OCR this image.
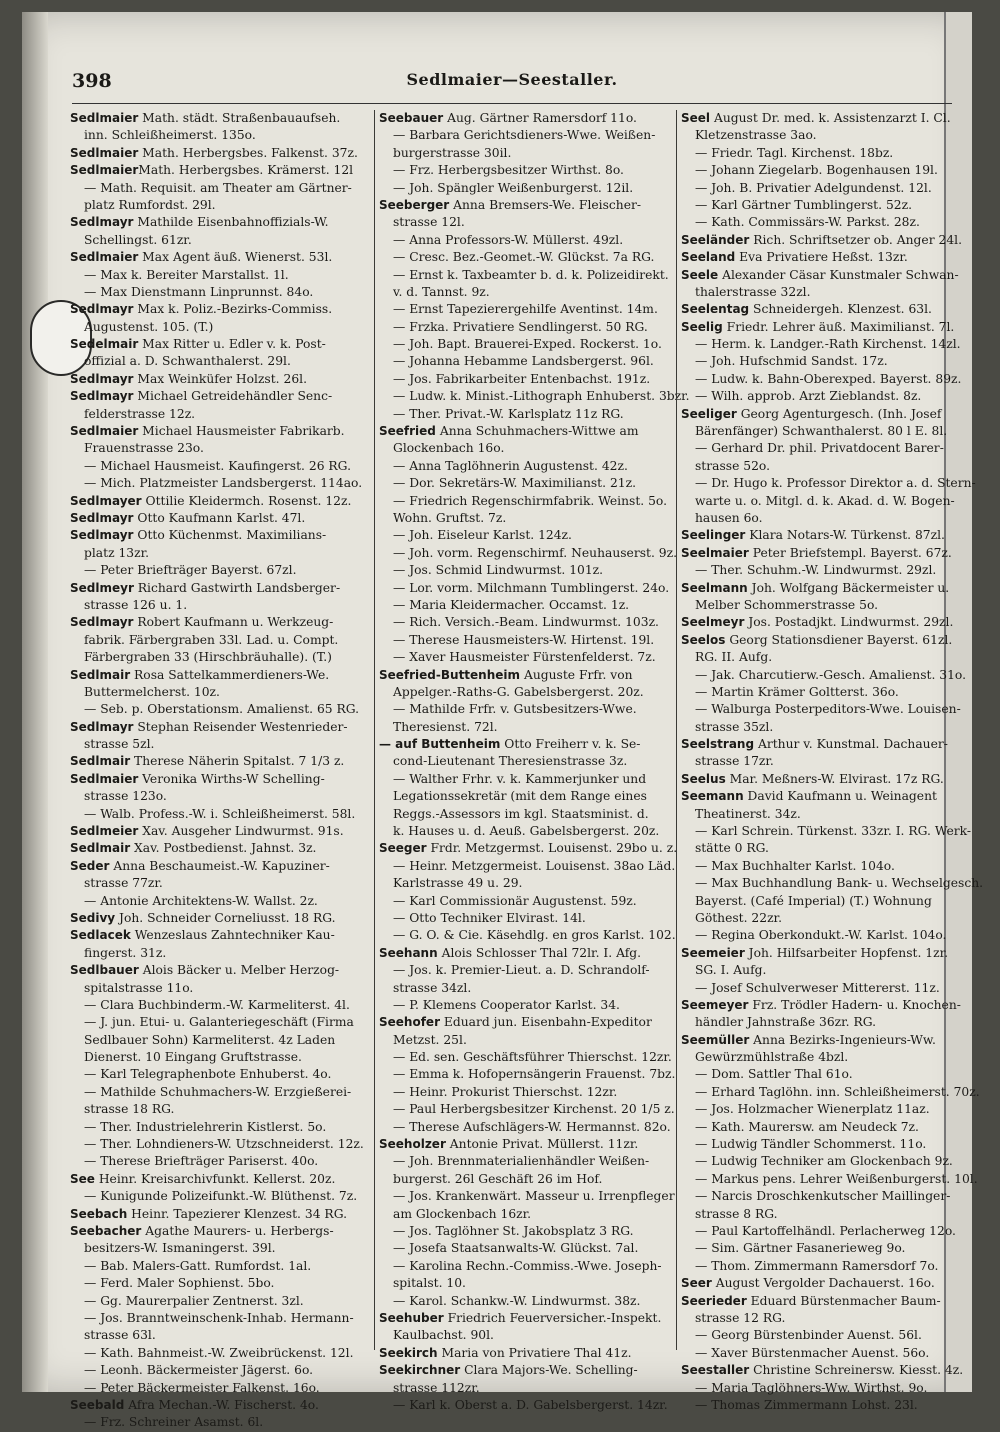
Sedlmaier—Seestaller.
398
Sedlmaier Math. städt. Straßenbauaufseh.
inn. Schleißheimerst. 135o.
Sedlmaier Math. Herbergsbes. Falkenst. 37z.
SedlmaierMath. Herbergsbes. Krämerst. 12l
— Math. Requisit. am Theater am Gärtner-
platz Rumfordst. 29l.
Sedlmayr Mathilde Eisenbahnoffizials-W.
Schellingst. 61zr.
Sedlmaier Max Agent äuß. Wienerst. 53l.
— Max k. Bereiter Marstallst. 1l.
— Max Dienstmann Linprunnst. 84o.
Sedlmayr Max k. Poliz.-Bezirks-Commiss.
Augustenst. 105. (T.)
Sedelmair Max Ritter u. Edler v. k. Post-
offizial a. D. Schwanthalerst. 29l.
Sedlmayr Max Weinküfer Holzst. 26l.
Sedlmayr Michael Getreidehändler Senc-
felderstrasse 12z.
Sedlmaier Michael Hausmeister Fabrikarb.
Frauenstrasse 23o.
— Michael Hausmeist. Kaufingerst. 26 RG.
— Mich. Platzmeister Landsbergerst. 114ao.
Sedlmayer Ottilie Kleidermch. Rosenst. 12z.
Sedlmayr Otto Kaufmann Karlst. 47l.
Sedlmayr Otto Küchenmst. Maximilians-
platz 13zr.
— Peter Briefträger Bayerst. 67zl.
Sedlmeyr Richard Gastwirth Landsberger-
strasse 126 u. 1.
Sedlmayr Robert Kaufmann u. Werkzeug-
fabrik. Färbergraben 33l. Lad. u. Compt.
Färbergraben 33 (Hirschbräuhalle). (T.)
Sedlmair Rosa Sattelkammerdieners-We.
Buttermelcherst. 10z.
— Seb. p. Oberstationsm. Amalienst. 65 RG.
Sedlmayr Stephan Reisender Westenrieder-
strasse 5zl.
Sedlmair Therese Näherin Spitalst. 7 1/3 z.
Sedlmaier Veronika Wirths-W Schelling-
strasse 123o.
— Walb. Profess.-W. i. Schleißheimerst. 58l.
Sedlmeier Xav. Ausgeher Lindwurmst. 91s.
Sedlmair Xav. Postbedienst. Jahnst. 3z.
Seder Anna Beschaumeist.-W. Kapuziner-
strasse 77zr.
— Antonie Architektens-W. Wallst. 2z.
Sedivy Joh. Schneider Corneliusst. 18 RG.
Sedlacek Wenzeslaus Zahntechniker Kau-
fingerst. 31z.
Sedlbauer Alois Bäcker u. Melber Herzog-
spitalstrasse 11o.
— Clara Buchbinderm.-W. Karmeliterst. 4l.
— J. jun. Etui- u. Galanteriegeschäft (Firma
Sedlbauer Sohn) Karmeliterst. 4z Laden
Dienerst. 10 Eingang Gruftstrasse.
— Karl Telegraphenbote Enhuberst. 4o.
— Mathilde Schuhmachers-W. Erzgießerei-
strasse 18 RG.
— Ther. Industrielehrerin Kistlerst. 5o.
— Ther. Lohndieners-W. Utzschneiderst. 12z.
— Therese Briefträger Pariserst. 40o.
See Heinr. Kreisarchivfunkt. Kellerst. 20z.
— Kunigunde Polizeifunkt.-W. Blüthenst. 7z.
Seebach Heinr. Tapezierer Klenzest. 34 RG.
Seebacher Agathe Maurers- u. Herbergs-
besitzers-W. Ismaningerst. 39l.
— Bab. Malers-Gatt. Rumfordst. 1al.
— Ferd. Maler Sophienst. 5bo.
— Gg. Maurerpalier Zentnerst. 3zl.
— Jos. Branntweinschenk-Inhab. Hermann-
strasse 63l.
— Kath. Bahnmeist.-W. Zweibrückenst. 12l.
— Leonh. Bäckermeister Jägerst. 6o.
— Peter Bäckermeister Falkenst. 16o.
Seebald Afra Mechan.-W. Fischerst. 4o.
— Frz. Schreiner Asamst. 6l.
Seebauer Aug. Gärtner Ramersdorf 11o.
— Barbara Gerichtsdieners-Wwe. Weißen-
burgerstrasse 30il.
— Frz. Herbergsbesitzer Wirthst. 8o.
— Joh. Spängler Weißenburgerst. 12il.
Seeberger Anna Bremsers-We. Fleischer-
strasse 12l.
— Anna Professors-W. Müllerst. 49zl.
— Cresc. Bez.-Geomet.-W. Glückst. 7a RG.
— Ernst k. Taxbeamter b. d. k. Polizeidirekt.
v. d. Tannst. 9z.
— Ernst Tapezierergehilfe Aventinst. 14m.
— Frzka. Privatiere Sendlingerst. 50 RG.
— Joh. Bapt. Brauerei-Exped. Rockerst. 1o.
— Johanna Hebamme Landsbergerst. 96l.
— Jos. Fabrikarbeiter Entenbachst. 191z.
— Ludw. k. Minist.-Lithograph Enhuberst. 3bzr.
— Ther. Privat.-W. Karlsplatz 11z RG.
Seefried Anna Schuhmachers-Wittwe am
Glockenbach 16o.
— Anna Taglöhnerin Augustenst. 42z.
— Dor. Sekretärs-W. Maximilianst. 21z.
— Friedrich Regenschirmfabrik. Weinst. 5o.
Wohn. Gruftst. 7z.
— Joh. Eiseleur Karlst. 124z.
— Joh. vorm. Regenschirmf. Neuhauserst. 9z.
— Jos. Schmid Lindwurmst. 101z.
— Lor. vorm. Milchmann Tumblingerst. 24o.
— Maria Kleidermacher. Occamst. 1z.
— Rich. Versich.-Beam. Lindwurmst. 103z.
— Therese Hausmeisters-W. Hirtenst. 19l.
— Xaver Hausmeister Fürstenfelderst. 7z.
Seefried-Buttenheim Auguste Frfr. von
Appelger.-Raths-G. Gabelsbergerst. 20z.
— Mathilde Frfr. v. Gutsbesitzers-Wwe.
Theresienst. 72l.
— auf Buttenheim Otto Freiherr v. k. Se-
cond-Lieutenant Theresienstrasse 3z.
— Walther Frhr. v. k. Kammerjunker und
Legationssekretär (mit dem Range eines
Reggs.-Assessors im kgl. Staatsminist. d.
k. Hauses u. d. Aeuß. Gabelsbergerst. 20z.
Seeger Frdr. Metzgermst. Louisenst. 29bo u. z.
— Heinr. Metzgermeist. Louisenst. 38ao Läd.
Karlstrasse 49 u. 29.
— Karl Commissionär Augustenst. 59z.
— Otto Techniker Elvirast. 14l.
— G. O. & Cie. Käsehdlg. en gros Karlst. 102.
Seehann Alois Schlosser Thal 72lr. I. Afg.
— Jos. k. Premier-Lieut. a. D. Schrandolf-
strasse 34zl.
— P. Klemens Cooperator Karlst. 34.
Seehofer Eduard jun. Eisenbahn-Expeditor
Metzst. 25l.
— Ed. sen. Geschäftsführer Thierschst. 12zr.
— Emma k. Hofopernsängerin Frauenst. 7bz.
— Heinr. Prokurist Thierschst. 12zr.
— Paul Herbergsbesitzer Kirchenst. 20 1/5 z.
— Therese Aufschlägers-W. Hermannst. 82o.
Seeholzer Antonie Privat. Müllerst. 11zr.
— Joh. Brennmaterialienhändler Weißen-
burgerst. 26l Geschäft 26 im Hof.
— Jos. Krankenwärt. Masseur u. Irrenpfleger
am Glockenbach 16zr.
— Jos. Taglöhner St. Jakobsplatz 3 RG.
— Josefa Staatsanwalts-W. Glückst. 7al.
— Karolina Rechn.-Commiss.-Wwe. Joseph-
spitalst. 10.
— Karol. Schankw.-W. Lindwurmst. 38z.
Seehuber Friedrich Feuerversicher.-Inspekt.
Kaulbachst. 90l.
Seekirch Maria von Privatiere Thal 41z.
Seekirchner Clara Majors-We. Schelling-
strasse 112zr.
— Karl k. Oberst a. D. Gabelsbergerst. 14zr.
Seel August Dr. med. k. Assistenzarzt I. Cl.
Kletzenstrasse 3ao.
— Friedr. Tagl. Kirchenst. 18bz.
— Johann Ziegelarb. Bogenhausen 19l.
— Joh. B. Privatier Adelgundenst. 12l.
— Karl Gärtner Tumblingerst. 52z.
— Kath. Commissärs-W. Parkst. 28z.
Seeländer Rich. Schriftsetzer ob. Anger 24l.
Seeland Eva Privatiere Heßst. 13zr.
Seele Alexander Cäsar Kunstmaler Schwan-
thalerstrasse 32zl.
Seelentag Schneidergeh. Klenzest. 63l.
Seelig Friedr. Lehrer äuß. Maximilianst. 7l.
— Herm. k. Landger.-Rath Kirchenst. 14zl.
— Joh. Hufschmid Sandst. 17z.
— Ludw. k. Bahn-Oberexped. Bayerst. 89z.
— Wilh. approb. Arzt Zieblandst. 8z.
Seeliger Georg Agenturgesch. (Inh. Josef
Bärenfänger) Schwanthalerst. 80 l E. 8l.
— Gerhard Dr. phil. Privatdocent Barer-
strasse 52o.
— Dr. Hugo k. Professor Direktor a. d. Stern-
warte u. o. Mitgl. d. k. Akad. d. W. Bogen-
hausen 6o.
Seelinger Klara Notars-W. Türkenst. 87zl.
Seelmaier Peter Briefstempl. Bayerst. 67z.
— Ther. Schuhm.-W. Lindwurmst. 29zl.
Seelmann Joh. Wolfgang Bäckermeister u.
Melber Schommerstrasse 5o.
Seelmeyr Jos. Postadjkt. Lindwurmst. 29zl.
Seelos Georg Stationsdiener Bayerst. 61zl.
RG. II. Aufg.
— Jak. Charcutierw.-Gesch. Amalienst. 31o.
— Martin Krämer Goltterst. 36o.
— Walburga Posterpeditors-Wwe. Louisen-
strasse 35zl.
Seelstrang Arthur v. Kunstmal. Dachauer-
strasse 17zr.
Seelus Mar. Meßners-W. Elvirast. 17z RG.
Seemann David Kaufmann u. Weinagent
Theatinerst. 34z.
— Karl Schrein. Türkenst. 33zr. I. RG. Werk-
stätte 0 RG.
— Max Buchhalter Karlst. 104o.
— Max Buchhandlung Bank- u. Wechselgesch.
Bayerst. (Café Imperial) (T.) Wohnung
Göthest. 22zr.
— Regina Oberkondukt.-W. Karlst. 104o.
Seemeier Joh. Hilfsarbeiter Hopfenst. 1zr.
SG. I. Aufg.
— Josef Schulverweser Mittererst. 11z.
Seemeyer Frz. Trödler Hadern- u. Knochen-
händler Jahnstraße 36zr. RG.
Seemüller Anna Bezirks-Ingenieurs-Ww.
Gewürzmühlstraße 4bzl.
— Dom. Sattler Thal 61o.
— Erhard Taglöhn. inn. Schleißheimerst. 70z.
— Jos. Holzmacher Wienerplatz 11az.
— Kath. Maurersw. am Neudeck 7z.
— Ludwig Tändler Schommerst. 11o.
— Ludwig Techniker am Glockenbach 9z.
— Markus pens. Lehrer Weißenburgerst. 10l.
— Narcis Droschkenkutscher Maillinger-
strasse 8 RG.
— Paul Kartoffelhändl. Perlacherweg 12o.
— Sim. Gärtner Fasanerieweg 9o.
— Thom. Zimmermann Ramersdorf 7o.
Seer August Vergolder Dachauerst. 16o.
Seerieder Eduard Bürstenmacher Baum-
strasse 12 RG.
— Georg Bürstenbinder Auenst. 56l.
— Xaver Bürstenmacher Auenst. 56o.
Seestaller Christine Schreinersw. Kiesst. 4z.
— Maria Taglöhners-Ww. Wirthst. 9o.
— Thomas Zimmermann Lohst. 23l.
